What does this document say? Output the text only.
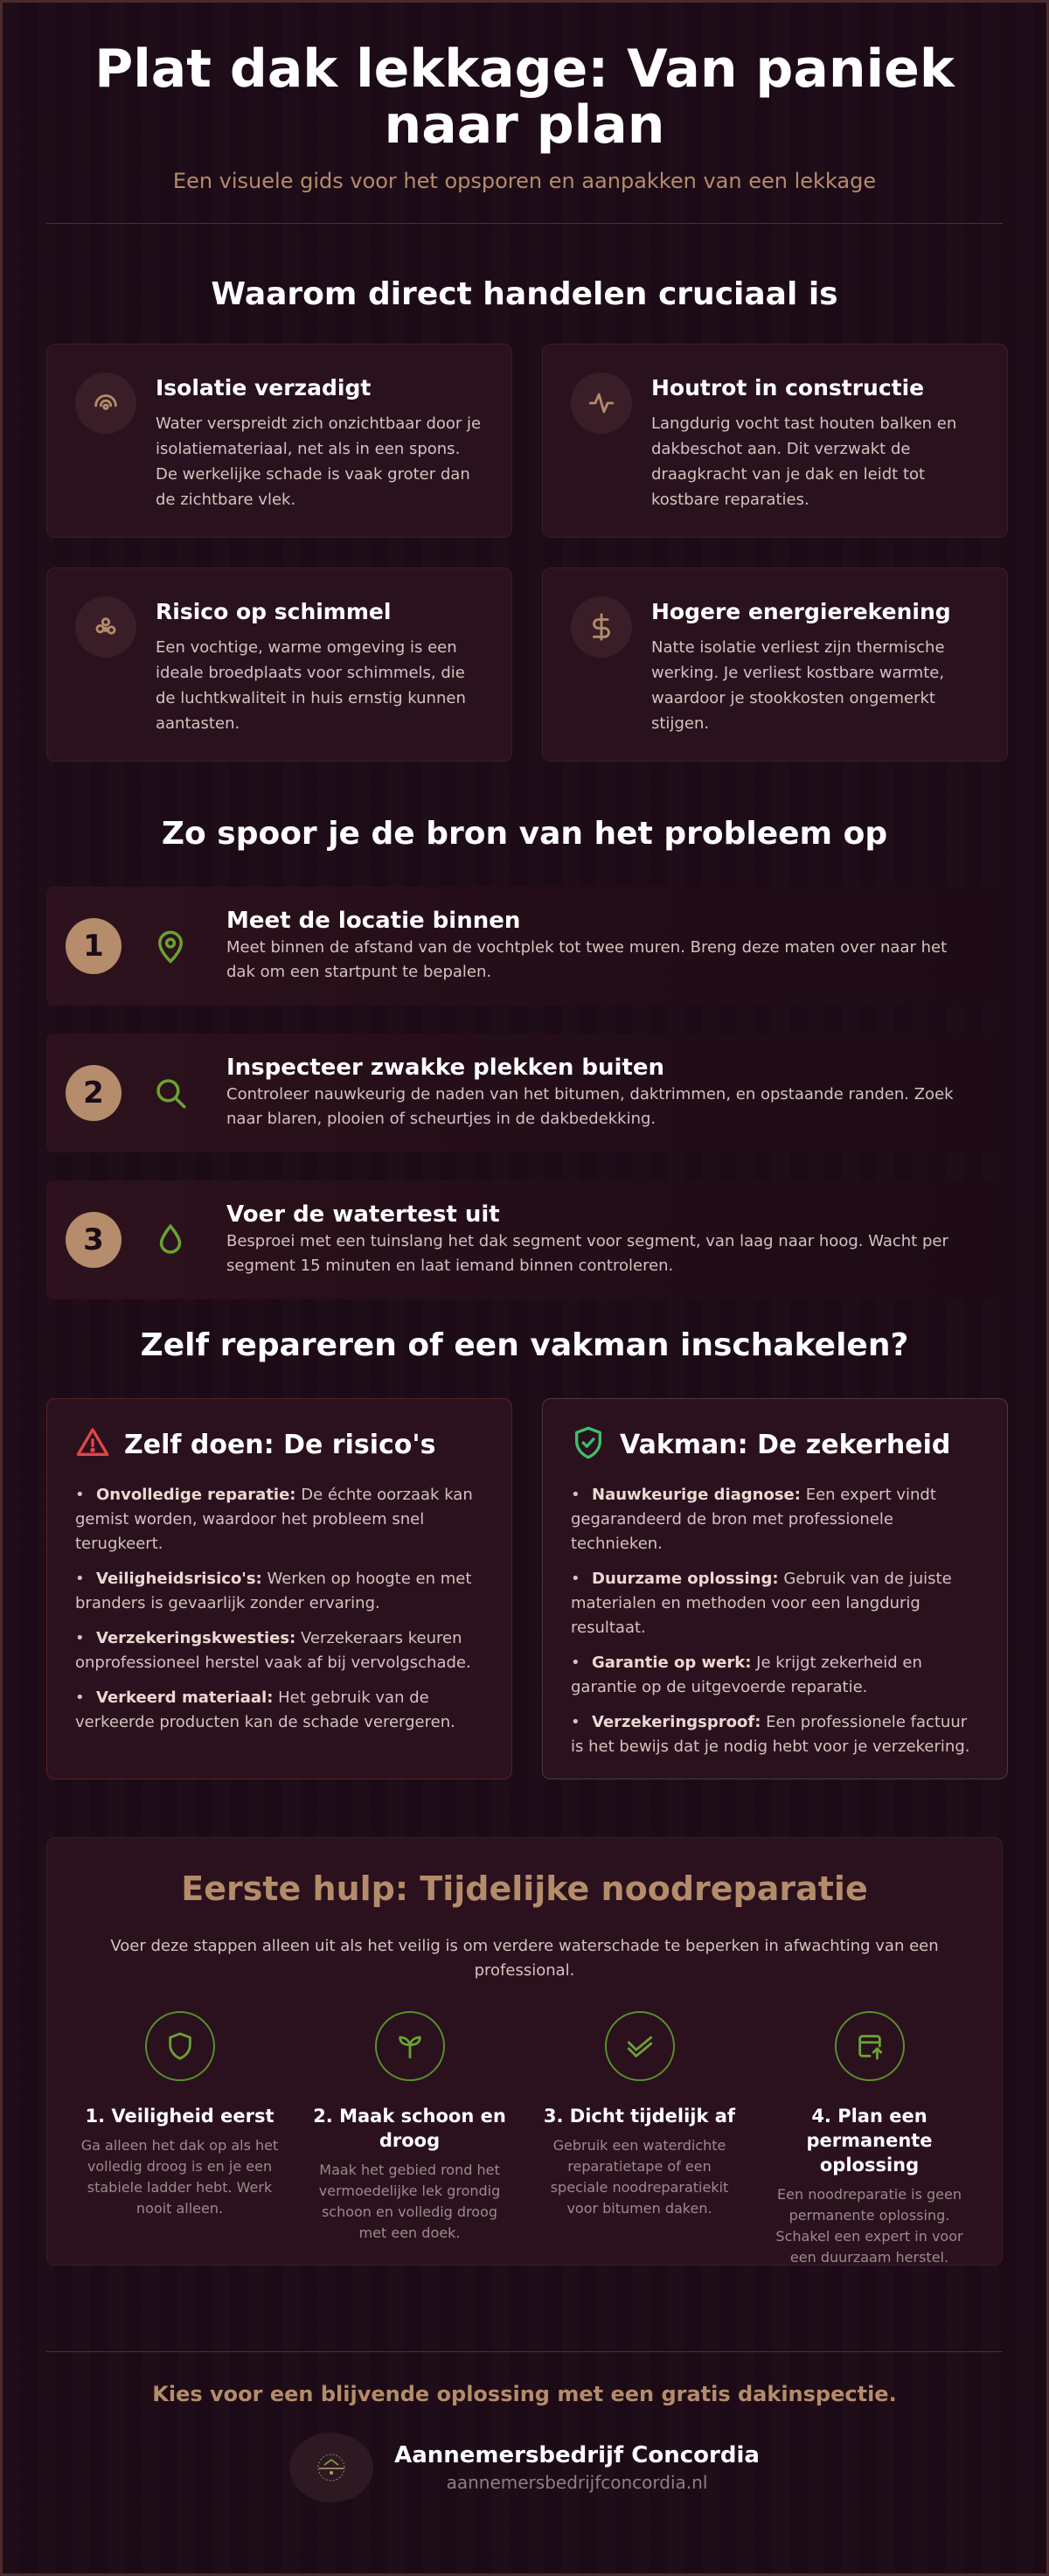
Plat dak lekkage: Van paniek naar plan
Een visuele gids voor het opsporen en aanpakken van een lekkage
Waarom direct handelen cruciaal is
Isolatie verzadigt
Water verspreidt zich onzichtbaar door je isolatiemateriaal, net als in een spons. De werkelijke schade is vaak groter dan de zichtbare vlek.
Houtrot in constructie
Langdurig vocht tast houten balken en dakbeschot aan. Dit verzwakt de draagkracht van je dak en leidt tot kostbare reparaties.
Risico op schimmel
Een vochtige, warme omgeving is een ideale broedplaats voor schimmels, die de luchtkwaliteit in huis ernstig kunnen aantasten.
Hogere energierekening
Natte isolatie verliest zijn thermische werking. Je verliest kostbare warmte, waardoor je stookkosten ongemerkt stijgen.
Zo spoor je de bron van het probleem op
1
Meet de locatie binnen
Meet binnen de afstand van de vochtplek tot twee muren. Breng deze maten over naar het dak om een startpunt te bepalen.
2
Inspecteer zwakke plekken buiten
Controleer nauwkeurig de naden van het bitumen, daktrimmen, en opstaande randen. Zoek naar blaren, plooien of scheurtjes in de dakbedekking.
3
Voer de watertest uit
Besproei met een tuinslang het dak segment voor segment, van laag naar hoog. Wacht per segment 15 minuten en laat iemand binnen controleren.
Zelf repareren of een vakman inschakelen?
Zelf doen: De risico's
• Onvolledige reparatie: De échte oorzaak kan gemist worden, waardoor het probleem snel terugkeert.
• Veiligheidsrisico's: Werken op hoogte en met branders is gevaarlijk zonder ervaring.
• Verzekeringskwesties: Verzekeraars keuren onprofessioneel herstel vaak af bij vervolgschade.
• Verkeerd materiaal: Het gebruik van de verkeerde producten kan de schade verergeren.
Vakman: De zekerheid
• Nauwkeurige diagnose: Een expert vindt gegarandeerd de bron met professionele technieken.
• Duurzame oplossing: Gebruik van de juiste materialen en methoden voor een langdurig resultaat.
• Garantie op werk: Je krijgt zekerheid en garantie op de uitgevoerde reparatie.
• Verzekeringsproof: Een professionele factuur is het bewijs dat je nodig hebt voor je verzekering.
Eerste hulp: Tijdelijke noodreparatie
Voer deze stappen alleen uit als het veilig is om verdere waterschade te beperken in afwachting van een professional.
1. Veiligheid eerst
Ga alleen het dak op als het volledig droog is en je een stabiele ladder hebt. Werk nooit alleen.
2. Maak schoon en droog
Maak het gebied rond het vermoedelijke lek grondig schoon en volledig droog met een doek.
3. Dicht tijdelijk af
Gebruik een waterdichte reparatietape of een speciale noodreparatiekit voor bitumen daken.
4. Plan een permanente oplossing
Een noodreparatie is geen permanente oplossing. Schakel een expert in voor een duurzaam herstel.
Kies voor een blijvende oplossing met een gratis dakinspectie.
Aannemersbedrijf Concordia
aannemersbedrijfconcordia.nl
